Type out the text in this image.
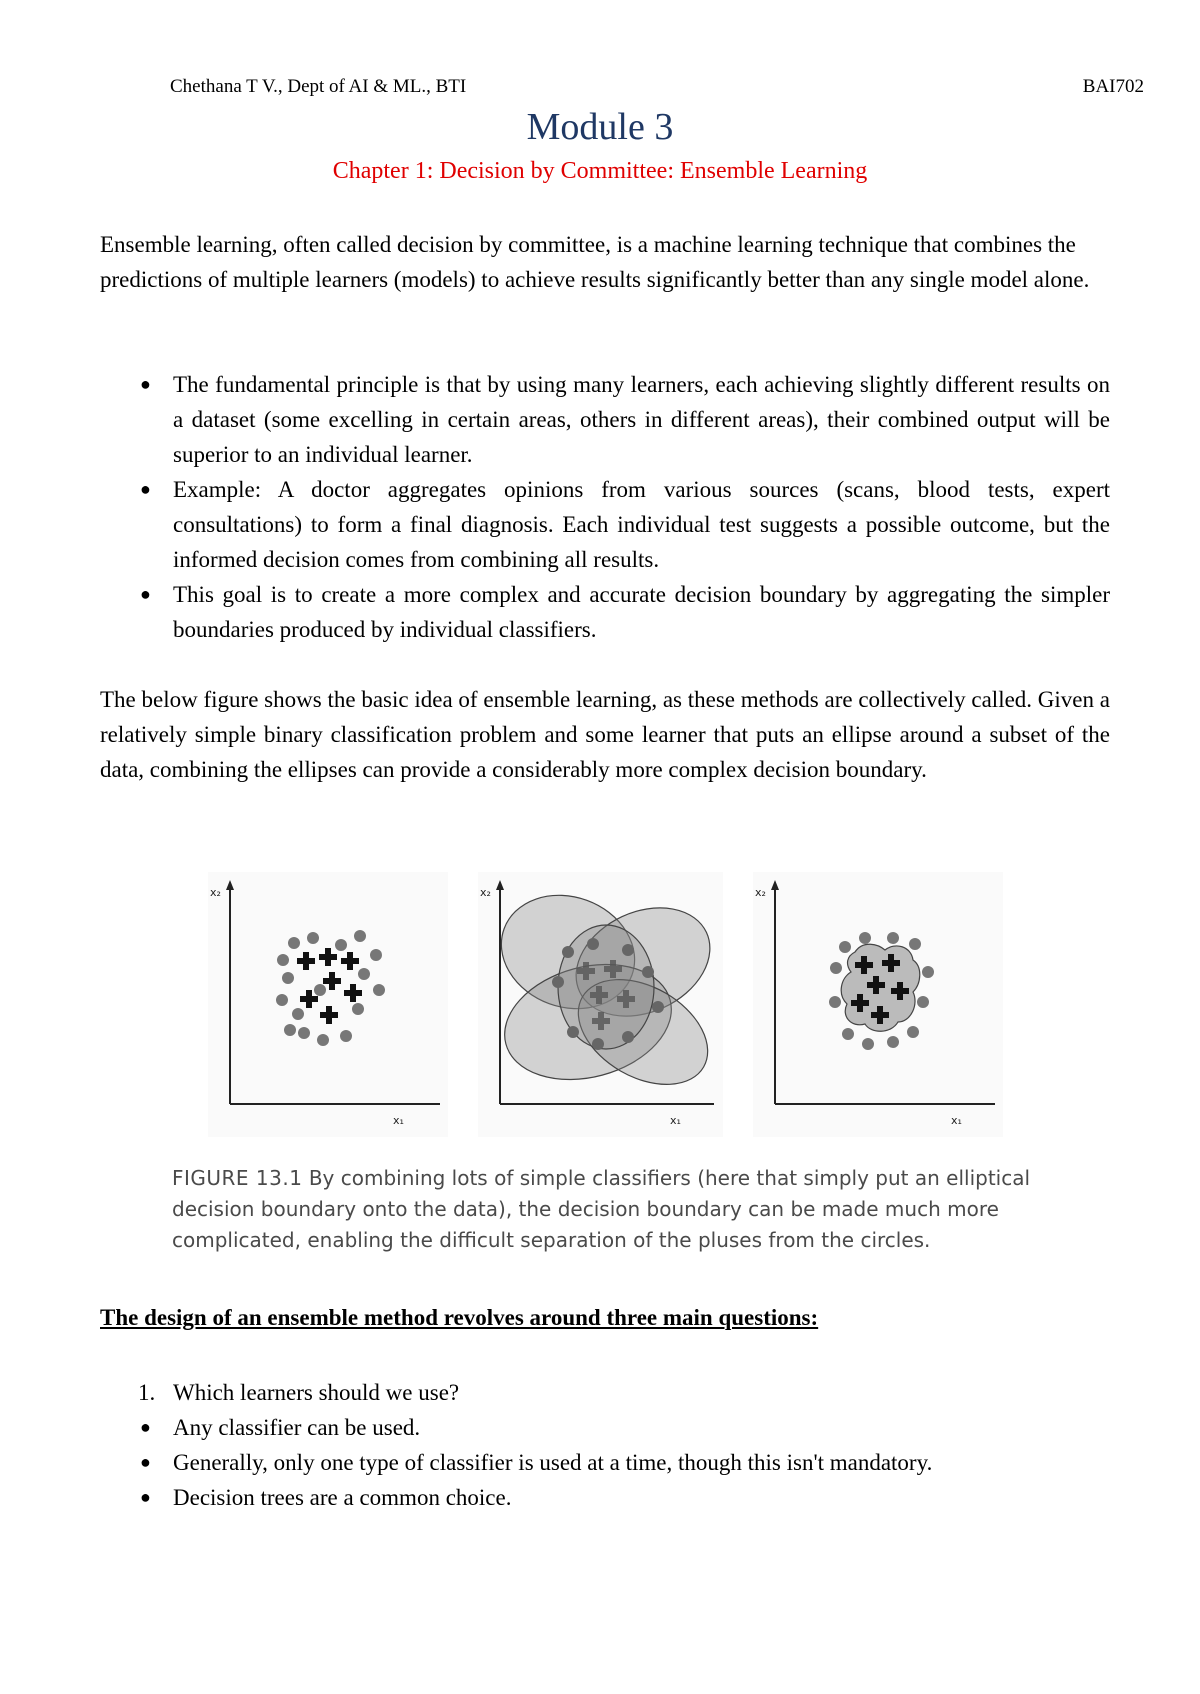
Chethana T V., Dept of AI & ML., BTI	BAI702
Module 3
Chapter 1: Decision by Committee: Ensemble Learning

Ensemble learning, often called decision by committee, is a machine learning technique that combines the predictions of multiple learners (models) to achieve results significantly better than any single model alone.

● The fundamental principle is that by using many learners, each achieving slightly different results on a dataset (some excelling in certain areas, others in different areas), their combined output will be superior to an individual learner.
● Example: A doctor aggregates opinions from various sources (scans, blood tests, expert consultations) to form a final diagnosis. Each individual test suggests a possible outcome, but the informed decision comes from combining all results.
● This goal is to create a more complex and accurate decision boundary by aggregating the simpler boundaries produced by individual classifiers.

The below figure shows the basic idea of ensemble learning, as these methods are collectively called. Given a relatively simple binary classification problem and some learner that puts an ellipse around a subset of the data, combining the ellipses can provide a considerably more complex decision boundary.

x₂
x₁
x₂
x₁
x₂
x₁
FIGURE 13.1 By combining lots of simple classifiers (here that simply put an elliptical decision boundary onto the data), the decision boundary can be made much more complicated, enabling the difficult separation of the pluses from the circles.
The design of an ensemble method revolves around three main questions:
1. Which learners should we use?
● Any classifier can be used.
● Generally, only one type of classifier is used at a time, though this isn't mandatory.
● Decision trees are a common choice.
